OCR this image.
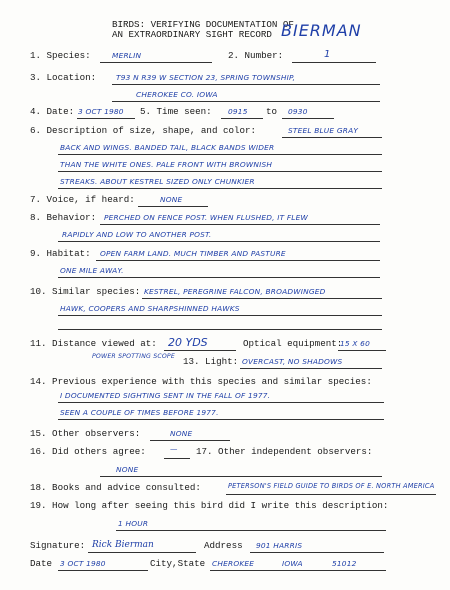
BIRDS: VERIFYING DOCUMENTATION OF
AN EXTRAORDINARY SIGHT RECORD BIERMAN
1. Species:	MERLIN	2. Number:	1
3. Location:	T93 N R39 W SECTION 23, SPRING TOWNSHIP,
CHEROKEE CO. IOWA
4. Date: 3 OCT 1980 5. Time seen: 0915 to 0930
6. Description of size, shape, and color:	STEEL BLUE GRAY
BACK AND WINGS. BANDED TAIL, BLACK BANDS WIDER
THAN THE WHITE ONES. PALE FRONT WITH BROWNISH
STREAKS. ABOUT KESTREL SIZED ONLY CHUNKIER
7. Voice, if heard:	NONE
8. Behavior: PERCHED ON FENCE POST. WHEN FLUSHED, IT FLEW
RAPIDLY AND LOW TO ANOTHER POST.
9. Habitat: OPEN FARM LAND. MUCH TIMBER AND PASTURE
ONE MILE AWAY.
10. Similar species: KESTREL, PEREGRINE FALCON, BROADWINGED
HAWK, COOPERS AND SHARPSHINNED HAWKS
11. Distance viewed at: 20 YDS	Optical equipment:
15 X 60
POWER SPOTTING SCOPE 13. Light: OVERCAST, NO SHADOWS
14. Previous experience with this species and similar species:
I DOCUMENTED SIGHTING SENT IN THE FALL OF 1977.
SEEN A COUPLE OF TIMES BEFORE 1977.
15. Other observers:	NONE
16. Did others agree:	— 17. Other independent observers:
NONE
18. Books and advice consulted:	PETERSON'S FIELD GUIDE TO BIRDS OF E. NORTH AMERICA
19. How long after seeing this bird did I write this description:
1 HOUR
Signature: Rick Bierman	Address 901 HARRIS
Date 3 OCT 1980	City,State CHEROKEE	IOWA	51012
